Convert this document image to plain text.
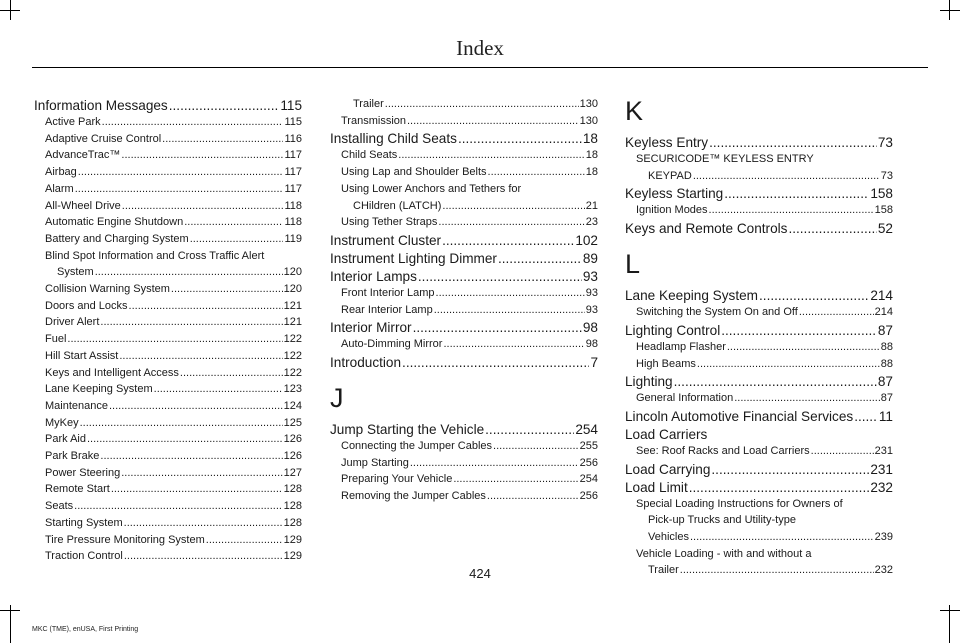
Index
Information Messages .....	115
Active Park .....	115
Adaptive Cruise Control .....	116
AdvanceTrac™ .....	117
Airbag .....	117
Alarm .....	117
All-Wheel Drive .....	118
Automatic Engine Shutdown .....	118
Battery and Charging System .....	119
Blind Spot Information and Cross Traffic Alert
System .....	120
Collision Warning System .....	120
Doors and Locks .....	121
Driver Alert .....	121
Fuel .....	122
Hill Start Assist .....	122
Keys and Intelligent Access .....	122
Lane Keeping System .....	123
Maintenance .....	124
MyKey .....	125
Park Aid .....	126
Park Brake .....	126
Power Steering .....	127
Remote Start .....	128
Seats .....	128
Starting System .....	128
Tire Pressure Monitoring System .....	129
Traction Control .....	129
Trailer .....	130
Transmission .....	130
Installing Child Seats .....	18
Child Seats .....	18
Using Lap and Shoulder Belts .....	18
Using Lower Anchors and Tethers for
CHildren (LATCH) .....	21
Using Tether Straps .....	23
Instrument Cluster .....	102
Instrument Lighting Dimmer .....	89
Interior Lamps .....	93
Front Interior Lamp .....	93
Rear Interior Lamp .....	93
Interior Mirror .....	98
Auto-Dimming Mirror .....	98
Introduction .....	7
J
Jump Starting the Vehicle .....	254
Connecting the Jumper Cables .....	255
Jump Starting .....	256
Preparing Your Vehicle .....	254
Removing the Jumper Cables .....	256
K
Keyless Entry .....	73
SECURICODE™ KEYLESS ENTRY
KEYPAD .....	73
Keyless Starting .....	158
Ignition Modes .....	158
Keys and Remote Controls .....	52
L
Lane Keeping System .....	214
Switching the System On and Off .....	214
Lighting Control .....	87
Headlamp Flasher .....	88
High Beams .....	88
Lighting .....	87
General Information .....	87
Lincoln Automotive Financial Services ..... 11
Load Carriers
See: Roof Racks and Load Carriers .....	231
Load Carrying .....	231
Load Limit .....	232
Special Loading Instructions for Owners of
Pick-up Trucks and Utility-type
Vehicles .....	239
Vehicle Loading - with and without a
Trailer .....	232
424
MKC (TME), enUSA, First Printing
